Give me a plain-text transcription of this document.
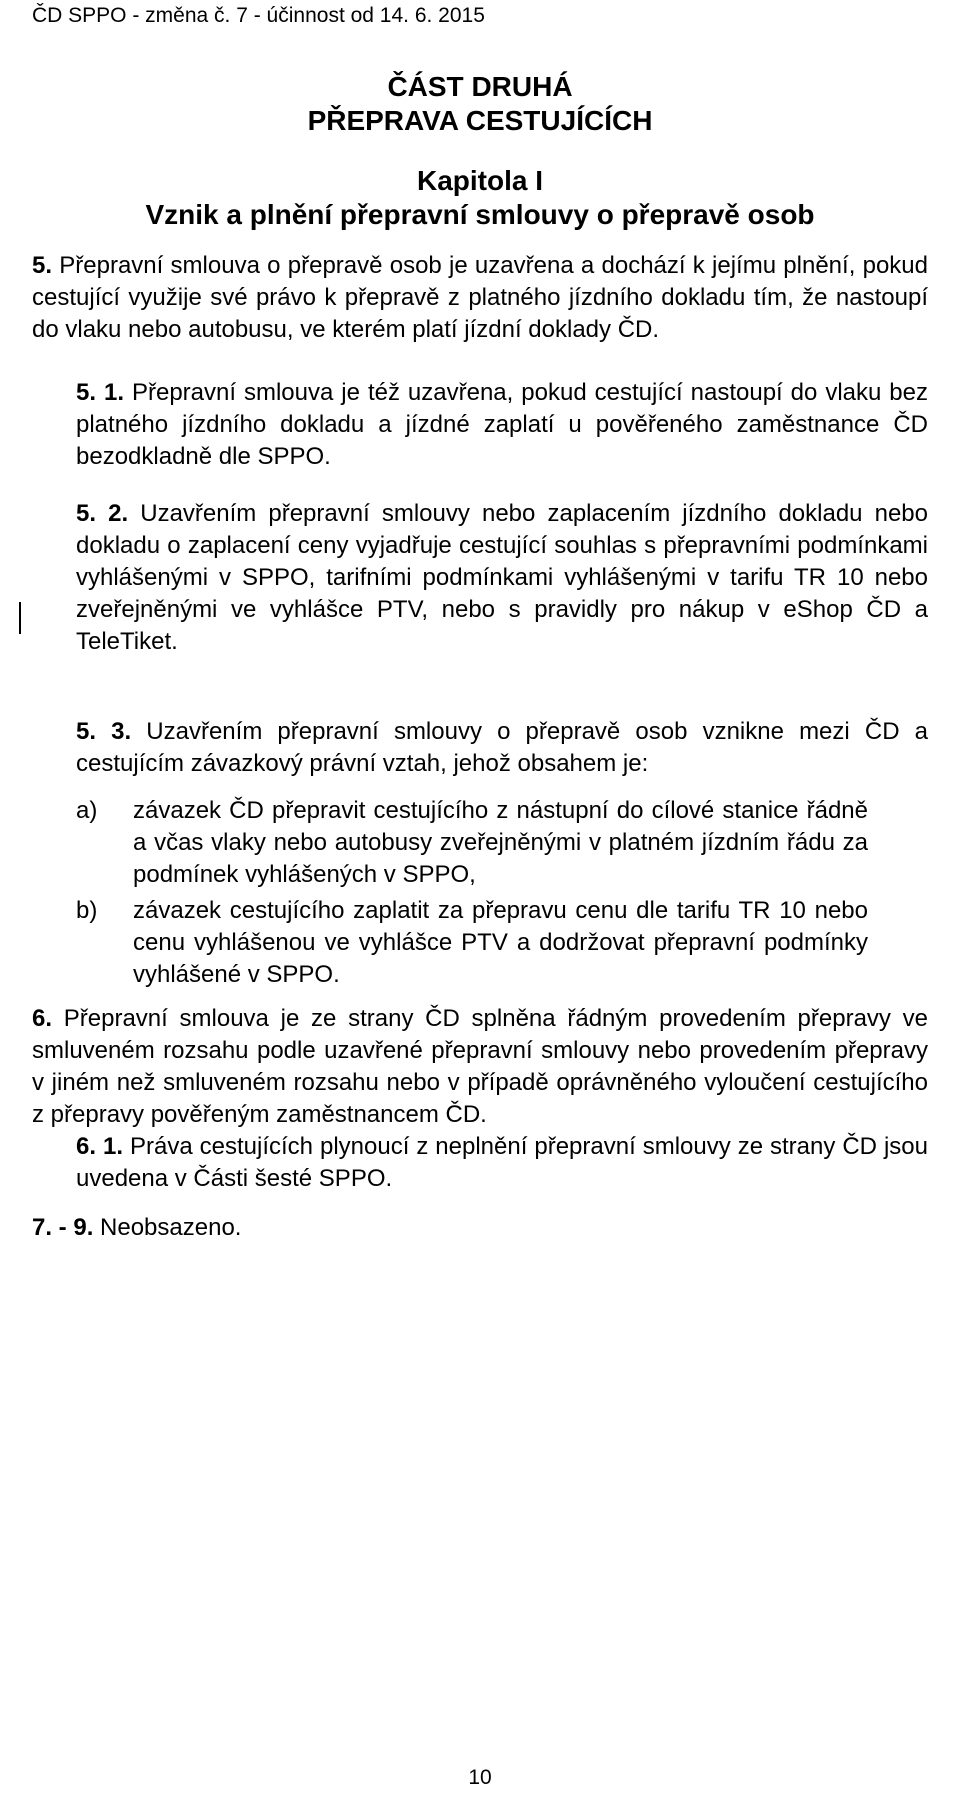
ČD SPPO - změna č. 7 - účinnost od 14. 6. 2015
ČÁST DRUHÁ
PŘEPRAVA CESTUJÍCÍCH
Kapitola I
Vznik a plnění přepravní smlouvy o přepravě osob
5. Přepravní smlouva o přepravě osob je uzavřena a dochází k jejímu plnění, pokud cestující využije své právo k přepravě z platného jízdního dokladu tím, že nastoupí do vlaku nebo autobusu, ve kterém platí jízdní doklady ČD.
5. 1. Přepravní smlouva je též uzavřena, pokud cestující nastoupí do vlaku bez platného jízdního dokladu a jízdné zaplatí u pověřeného zaměstnance ČD bezodkladně dle SPPO.
5. 2. Uzavřením přepravní smlouvy nebo zaplacením jízdního dokladu nebo dokladu o zaplacení ceny vyjadřuje cestující souhlas s přepravními podmínkami vyhlášenými v SPPO, tarifními podmínkami vyhlášenými v tarifu TR 10 nebo zveřejněnými ve vyhlášce PTV, nebo s pravidly pro nákup v eShop ČD a TeleTiket.
5. 3. Uzavřením přepravní smlouvy o přepravě osob vznikne mezi ČD a cestujícím závazkový právní vztah, jehož obsahem je:
a) závazek ČD přepravit cestujícího z nástupní do cílové stanice řádně a včas vlaky nebo autobusy zveřejněnými v platném jízdním řádu za podmínek vyhlášených v SPPO,
b) závazek cestujícího zaplatit za přepravu cenu dle tarifu TR 10 nebo cenu vyhlášenou ve vyhlášce PTV a dodržovat přepravní podmínky vyhlášené v SPPO.
6. Přepravní smlouva je ze strany ČD splněna řádným provedením přepravy ve smluveném rozsahu podle uzavřené přepravní smlouvy nebo provedením přepravy v jiném než smluveném rozsahu nebo v případě oprávněného vyloučení cestujícího z přepravy pověřeným zaměstnancem ČD.
6. 1. Práva cestujících plynoucí z neplnění přepravní smlouvy ze strany ČD jsou uvedena v Části šesté SPPO.
7. - 9. Neobsazeno.
10
